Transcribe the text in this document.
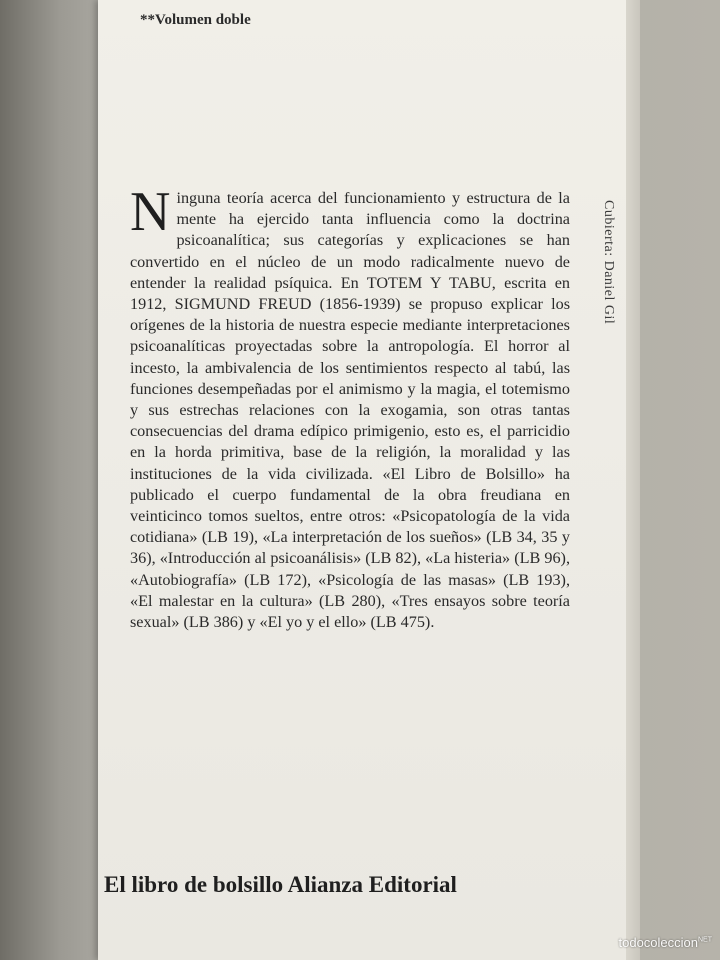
**Volumen doble

Ninguna teoría acerca del funcionamiento y estructura de la mente ha ejercido tanta influencia como la doctrina psicoanalítica; sus categorías y explicaciones se han convertido en el núcleo de un modo radicalmente nuevo de entender la realidad psíquica. En TOTEM Y TABU, escrita en 1912, SIGMUND FREUD (1856-1939) se propuso explicar los orígenes de la historia de nuestra especie mediante interpretaciones psicoanalíticas proyectadas sobre la antropología. El horror al incesto, la ambivalencia de los sentimientos respecto al tabú, las funciones desempeñadas por el animismo y la magia, el totemismo y sus estrechas relaciones con la exogamia, son otras tantas consecuencias del drama edípico primigenio, esto es, el parricidio en la horda primitiva, base de la religión, la moralidad y las instituciones de la vida civilizada. «El Libro de Bolsillo» ha publicado el cuerpo fundamental de la obra freudiana en veinticinco tomos sueltos, entre otros: «Psicopatología de la vida cotidiana» (LB 19), «La interpretación de los sueños» (LB 34, 35 y 36), «Introducción al psicoanálisis» (LB 82), «La histeria» (LB 96), «Autobiografía» (LB 172), «Psicología de las masas» (LB 193), «El malestar en la cultura» (LB 280), «Tres ensayos sobre teoría sexual» (LB 386) y «El yo y el ello» (LB 475).

Cubierta: Daniel Gil
El libro de bolsillo Alianza Editorial
todocoleccion$^{NET}$
